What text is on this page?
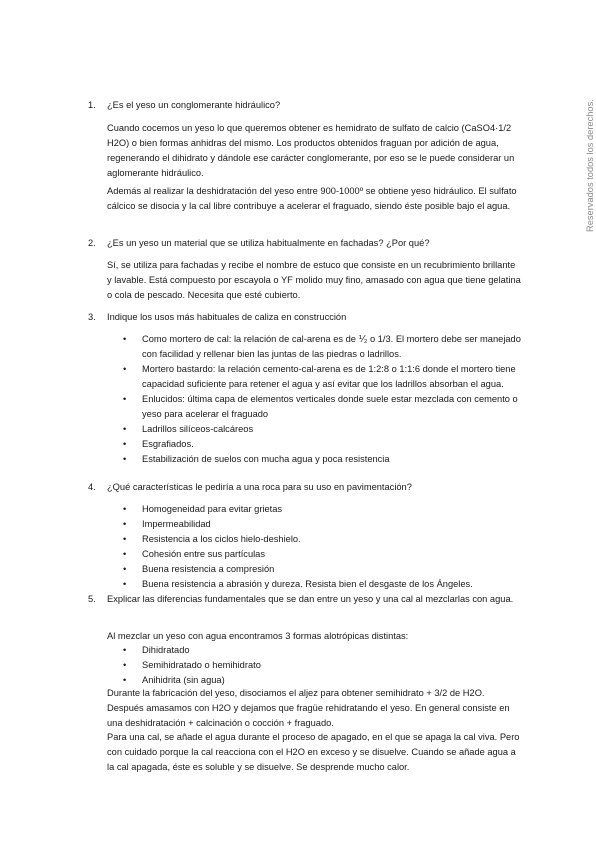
Reservados todos los derechos.
1.	¿Es el yeso un conglomerante hidráulico?
Cuando cocemos un yeso lo que queremos obtener es hemidrato de sulfato de calcio (CaSO4·1/2 H2O) o bien formas anhidras del mismo. Los productos obtenidos fraguan por adición de agua, regenerando el dihidrato y dándole ese carácter conglomerante, por eso se le puede considerar un aglomerante hidráulico.
Además al realizar la deshidratación del yeso entre 900-1000º se obtiene yeso hidráulico. El sulfato cálcico se disocia y la cal libre contribuye a acelerar el fraguado, siendo éste posible bajo el agua.
2.	¿Es un yeso un material que se utiliza habitualmente en fachadas? ¿Por qué?
Sí, se utiliza para fachadas y recibe el nombre de estuco que consiste en un recubrimiento brillante y lavable. Está compuesto por escayola o YF molido muy fino, amasado con agua que tiene gelatina o cola de pescado. Necesita que esté cubierto.
3.	Indique los usos más habituales de caliza en construcción
• Como mortero de cal: la relación de cal-arena es de ⅟₂ o 1/3. El mortero debe ser manejado con facilidad y rellenar bien las juntas de las piedras o ladrillos.
• Mortero bastardo: la relación cemento-cal-arena es de 1:2:8 o 1:1:6 donde el mortero tiene capacidad suficiente para retener el agua y así evitar que los ladrillos absorban el agua.
• Enlucidos: última capa de elementos verticales donde suele estar mezclada con cemento o yeso para acelerar el fraguado
• Ladrillos silíceos-calcáreos
• Esgrafiados.
• Estabilización de suelos con mucha agua y poca resistencia
4.	¿Qué características le pediría a una roca para su uso en pavimentación?
• Homogeneidad para evitar grietas
• Impermeabilidad
• Resistencia a los ciclos hielo-deshielo.
• Cohesión entre sus partículas
• Buena resistencia a compresión
• Buena resistencia a abrasión y dureza. Resista bien el desgaste de los Ángeles.
5.	Explicar las diferencias fundamentales que se dan entre un yeso y una cal al mezclarlas con agua.
Al mezclar un yeso con agua encontramos 3 formas alotrópicas distintas:
• Dihidratado
• Semihidratado o hemihidrato
• Anihidrita (sin agua)
Durante la fabricación del yeso, disociamos el aljez para obtener semihidrato + 3/2 de H2O. Después amasamos con H2O y dejamos que fragüe rehidratando el yeso. En general consiste en una deshidratación + calcinación o cocción + fraguado.
Para una cal, se añade el agua durante el proceso de apagado, en el que se apaga la cal viva. Pero con cuidado porque la cal reacciona con el H2O en exceso y se disuelve. Cuando se añade agua a la cal apagada, éste es soluble y se disuelve. Se desprende mucho calor.
